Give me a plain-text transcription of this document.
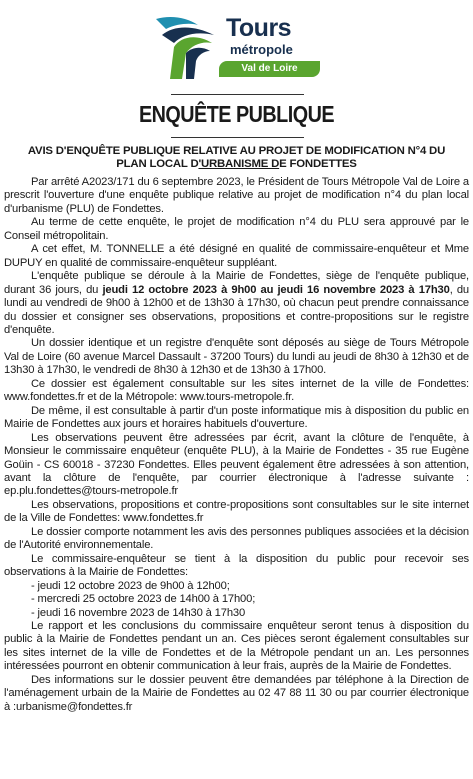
Tours
métropole
Val de Loire
ENQUÊTE PUBLIQUE
AVIS D'ENQUÊTE PUBLIQUE RELATIVE AU PROJET DE MODIFICATION N°4 DU
PLAN LOCAL D'URBANISME DE FONDETTES

Par arrêté A2023/171 du 6 septembre 2023, le Président de Tours Métropole Val de Loire a prescrit l'ouverture d'une enquête publique relative au projet de modification n°4 du plan local d'urbanisme (PLU) de Fondettes.

Au terme de cette enquête, le projet de modification n°4 du PLU sera approuvé par le Conseil métropolitain.

A cet effet, M. TONNELLE a été désigné en qualité de commissaire-enquêteur et Mme DUPUY en qualité de commissaire-enquêteur suppléant.

L'enquête publique se déroule à la Mairie de Fondettes, siège de l'enquête publique, durant 36 jours, du jeudi 12 octobre 2023 à 9h00 au jeudi 16 novembre 2023 à 17h30, du lundi au vendredi de 9h00 à 12h00 et de 13h30 à 17h30, où chacun peut prendre connaissance du dossier et consigner ses observations, propositions et contre-propositions sur le registre d'enquête.

Un dossier identique et un registre d'enquête sont déposés au siège de Tours Métropole Val de Loire (60 avenue Marcel Dassault - 37200 Tours) du lundi au jeudi de 8h30 à 12h30 et de 13h30 à 17h30, le vendredi de 8h30 à 12h30 et de 13h30 à 17h00.

Ce dossier est également consultable sur les sites internet de la ville de Fondettes: www.fondettes.fr et de la Métropole: www.tours-metropole.fr.

De même, il est consultable à partir d'un poste informatique mis à disposition du public en Mairie de Fondettes aux jours et horaires habituels d'ouverture.

Les observations peuvent être adressées par écrit, avant la clôture de l'enquête, à Monsieur le commissaire enquêteur (enquête PLU), à la Mairie de Fondettes - 35 rue Eugène Goüin - CS 60018 - 37230 Fondettes. Elles peuvent également être adressées à son attention, avant la clôture de l'enquête, par courrier électronique à l'adresse suivante : ep.plu.fondettes@tours-metropole.fr

Les observations, propositions et contre-propositions sont consultables sur le site internet de la Ville de Fondettes: www.fondettes.fr

Le dossier comporte notamment les avis des personnes publiques associées et la décision de l'Autorité environnementale.

Le commissaire-enquêteur se tient à la disposition du public pour recevoir ses observations à la Mairie de Fondettes:

- jeudi 12 octobre 2023 de 9h00 à 12h00;

- mercredi 25 octobre 2023 de 14h00 à 17h00;

- jeudi 16 novembre 2023 de 14h30 à 17h30

Le rapport et les conclusions du commissaire enquêteur seront tenus à disposition du public à la Mairie de Fondettes pendant un an. Ces pièces seront également consultables sur les sites internet de la ville de Fondettes et de la Métropole pendant un an. Les personnes intéressées pourront en obtenir communication à leur frais, auprès de la Mairie de Fondettes.

Des informations sur le dossier peuvent être demandées par téléphone à la Direction de l'aménagement urbain de la Mairie de Fondettes au 02 47 88 11 30 ou par courrier électronique à :urbanisme@fondettes.fr
